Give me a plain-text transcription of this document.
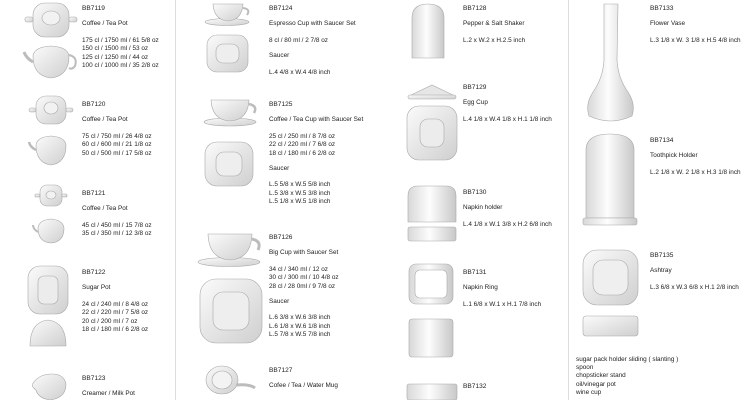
BB7119
Coffee / Tea Pot
175 cl / 1750 ml / 61 5/8 oz
150 cl / 1500 ml / 53 oz
125 cl / 1250 ml / 44 oz
100 cl / 1000 ml / 35 2/8 oz
BB7120
Coffee / Tea Pot
75 cl / 750 ml / 26 4/8 oz
60 cl / 600 ml / 21 1/8 oz
50 cl / 500 ml / 17 5/8 oz
BB7121
Coffee / Tea Pot
45 cl / 450 ml / 15 7/8 oz
35 cl / 350 ml / 12 3/8 oz
BB7122
Sugar Pot
24 cl / 240 ml / 8 4/8 oz
22 cl / 220 ml / 7 5/8 oz
20 cl / 200 ml / 7 oz
18 cl / 180 ml / 6 2/8 oz
BB7123
Creamer / Milk Pot
BB7124
Espresso Cup with Saucer Set
8 cl / 80 ml / 2 7/8 oz
Saucer
L.4 4/8 x W.4 4/8 inch
BB7125
Coffee / Tea Cup with Saucer Set
25 cl / 250 ml / 8 7/8 oz
22 cl / 220 ml / 7 6/8 oz
18 cl / 180 ml / 6 2/8 oz
Saucer
L.5 5/8 x W.5 5/8 inch
L.5 3/8 x W.5 3/8 inch
L.5 1/8 x W.5 1/8 inch
BB7126
Big Cup with Saucer Set
34 cl / 340 ml / 12 oz
30 cl / 300 ml / 10 4/8 oz
28 cl / 28 0ml / 9 7/8 oz
Saucer
L.6 3/8 x W.6 3/8 inch
L.6 1/8 x W.6 1/8 inch
L.5 7/8 x W.5 7/8 inch
BB7127
Cofee / Tea / Water Mug
BB7128
Pepper & Salt Shaker
L.2 x W.2 x H.2.5 inch
BB7129
Egg Cup
L.4 1/8 x W.4 1/8 x H.1 1/8 inch
BB7130
Napkin holder
L.4 1/8 x W.1 3/8 x H.2 6/8 inch
BB7131
Napkin Ring
L.1 6/8 x W.1 x H.1 7/8 inch
BB7132
BB7133
Flower Vase
L.3 1/8 x W. 3 1/8 x H.5 4/8 inch
BB7134
Toothpick Holder
L.2 1/8 x W. 2 1/8 x H.3 1/8 inch
BB7135
Ashtray
L.3 6/8 x W.3 6/8 x H.1 2/8 inch
sugar pack holder sliding ( slanting )
spoon
chopsticker stand
oil/vinegar pot
wine cup
